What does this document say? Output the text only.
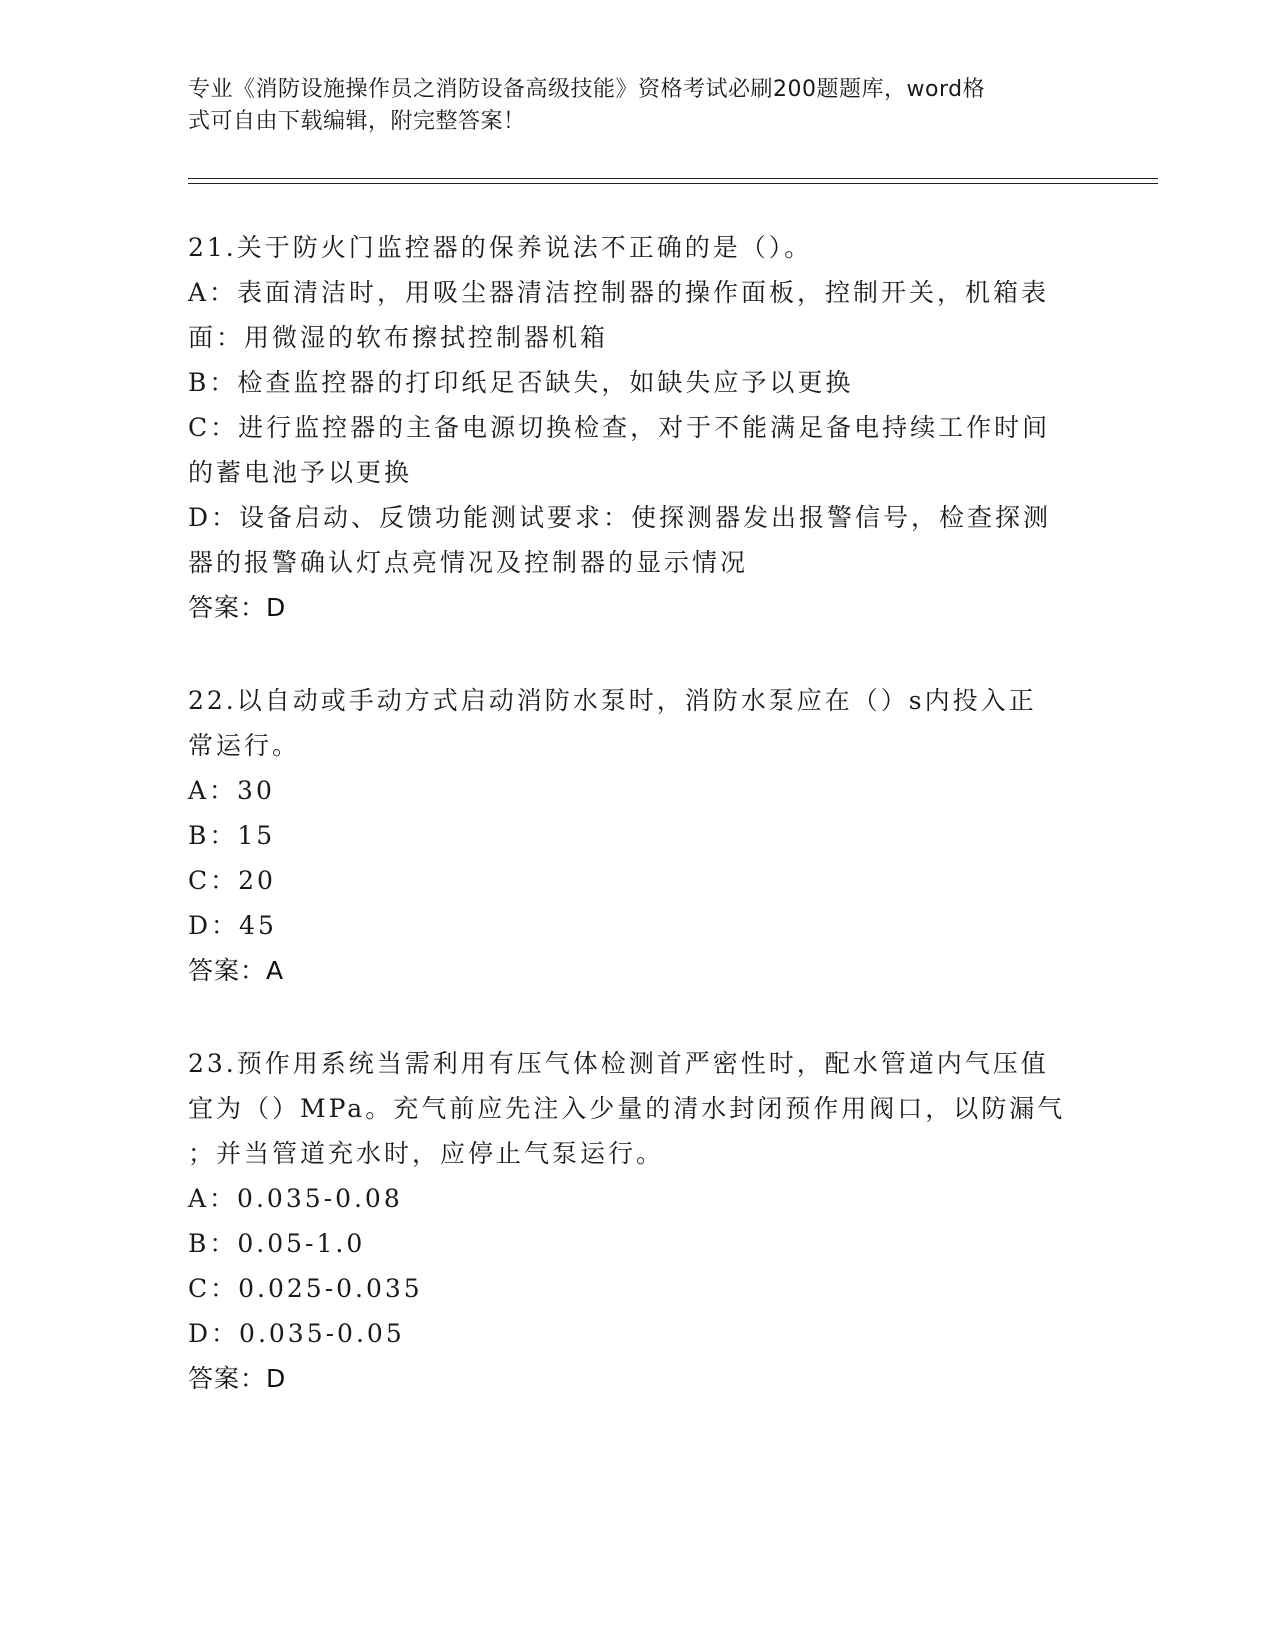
专业《消防设施操作员之消防设备高级技能》资格考试必刷200题题库，word格
式可自由下载编辑，附完整答案！
21.关于防火门监控器的保养说法不正确的是（）。
A：表面清洁时，用吸尘器清洁控制器的操作面板，控制开关，机箱表
面：用微湿的软布擦拭控制器机箱
B：检查监控器的打印纸足否缺失，如缺失应予以更换
C：进行监控器的主备电源切换检查，对于不能满足备电持续工作时间
的蓄电池予以更换
D：设备启动、反馈功能测试要求：使探测器发出报警信号，检查探测
器的报警确认灯点亮情况及控制器的显示情况
答案：D
22.以自动或手动方式启动消防水泵时，消防水泵应在（）s内投入正
常运行。
A：30
B：15
C：20
D：45
答案：A
23.预作用系统当需利用有压气体检测首严密性时，配水管道内气压值
宜为（）MPa。充气前应先注入少量的清水封闭预作用阀口，以防漏气
；并当管道充水时，应停止气泵运行。
A：0.035-0.08
B：0.05-1.0
C：0.025-0.035
D：0.035-0.05
答案：D
